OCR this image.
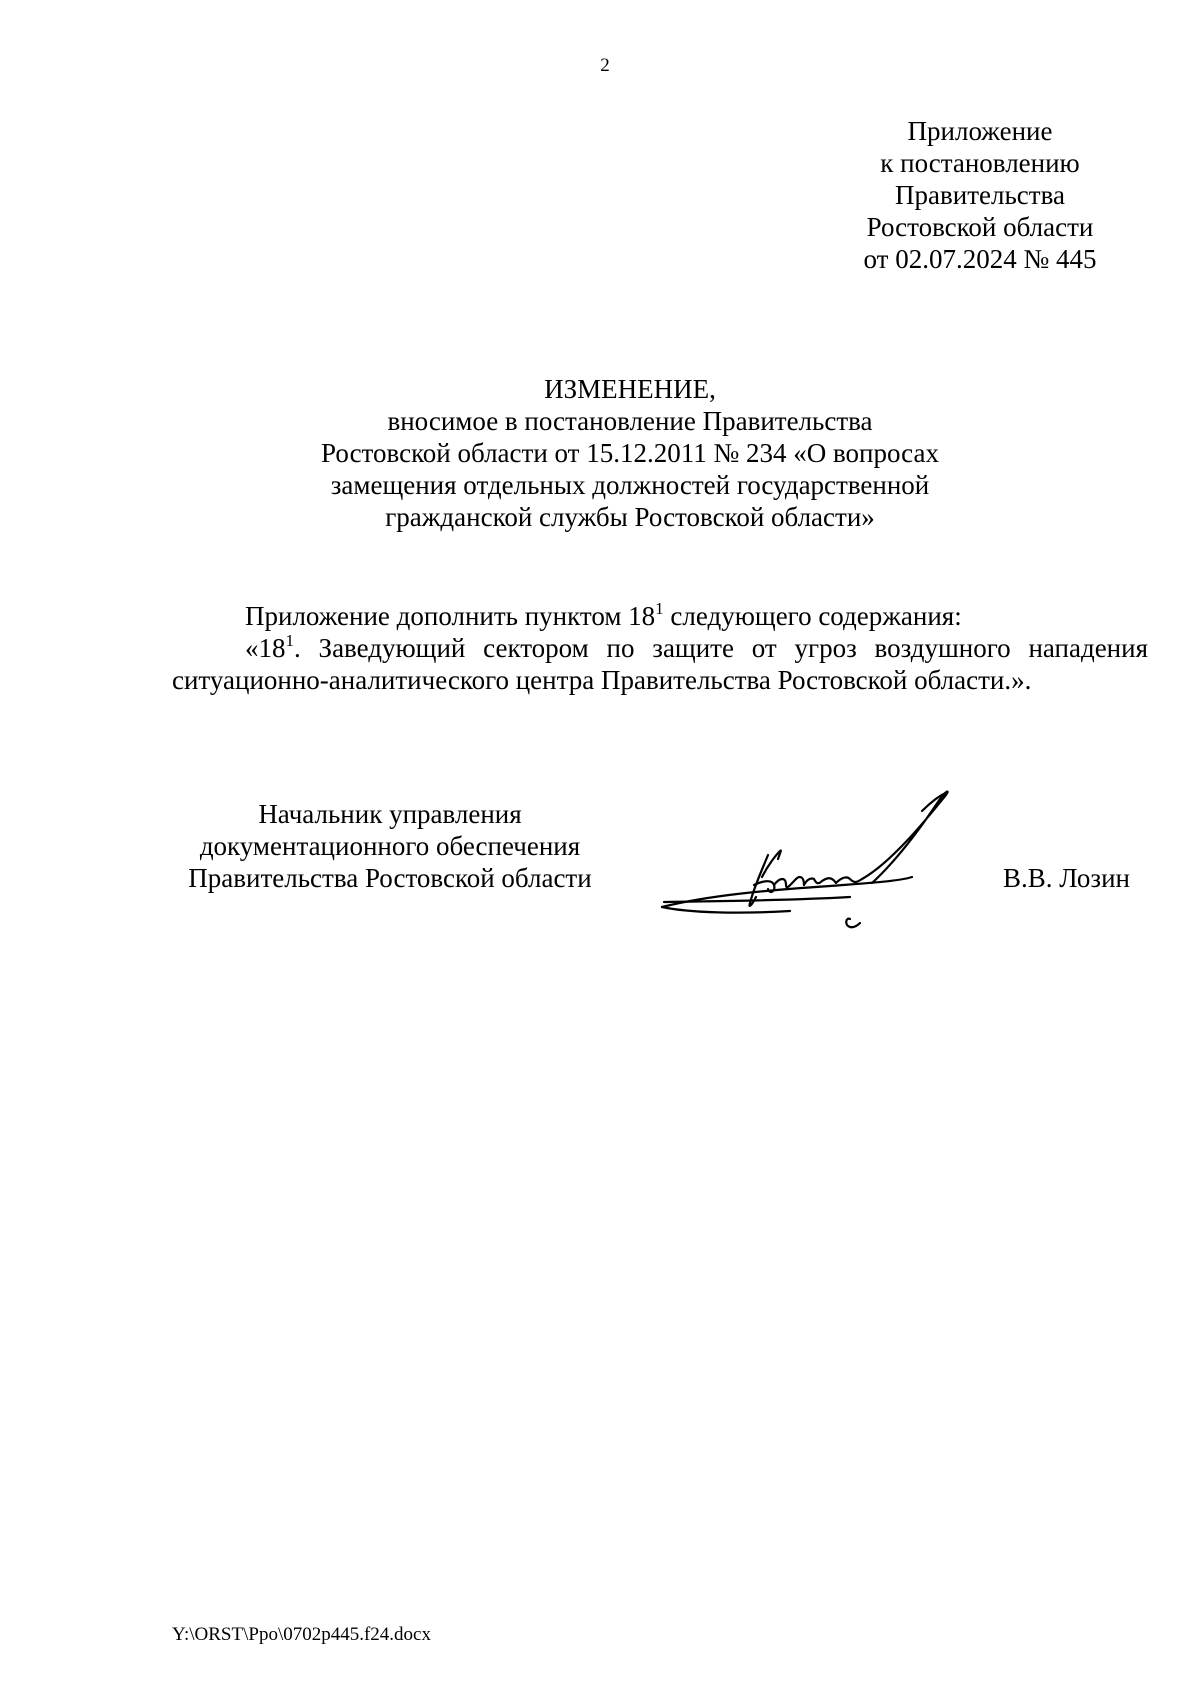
2
Приложение
к постановлению
Правительства
Ростовской области
от 02.07.2024 № 445
ИЗМЕНЕНИЕ,
вносимое в постановление Правительства
Ростовской области от 15.12.2011 № 234 «О вопросах
замещения отдельных должностей государственной
гражданской службы Ростовской области»

Приложение дополнить пунктом $18^1$ следующего содержания:

«$18^1$. Заведующий сектором по защите от угроз воздушного нападения ситуационно-аналитического центра Правительства Ростовской области.».

Начальник управления
документационного обеспечения
Правительства Ростовской области	В.В. Лозин
Y:\ORST\Ppo\0702p445.f24.docx
